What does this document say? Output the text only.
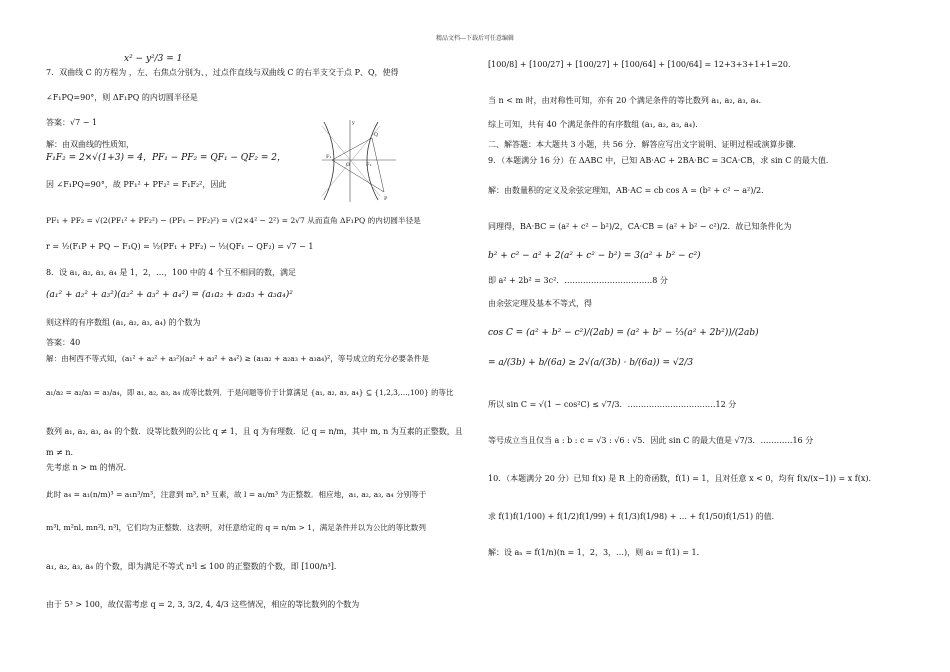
精品文档---下载后可任意编辑
x² − y²/3 = 1
7．双曲线 C 的方程为 ，左、右焦点分别为、，过点作直线与双曲线 C 的右半支交于点 P、Q，使得
∠F₁PQ=90°，则 ΔF₁PQ 的内切圆半径是
答案：√7 − 1
解：由双曲线的性质知，
F₁F₂ = 2×√(1+3) = 4，PF₁ − PF₂ = QF₁ − QF₂ = 2，
因 ∠F₁PQ=90°，故 PF₁² + PF₂² = F₁F₂²，因此
PF₁ + PF₂ = √(2(PF₁² + PF₂²) − (PF₁ − PF₂)²) = √(2×4² − 2²) = 2√7 从而直角 ΔF₁PQ 的内切圆半径是
r = ½(F₁P + PQ − F₁Q) = ½(PF₁ + PF₂) − ½(QF₁ − QF₂) = √7 − 1
8．设 a₁, a₂, a₃, a₄ 是 1，2，…，100 中的 4 个互不相同的数，满足
(a₁² + a₂² + a₃²)(a₂² + a₃² + a₄²) = (a₁a₂ + a₂a₃ + a₃a₄)²
则这样的有序数组 (a₁, a₂, a₃, a₄) 的个数为
答案：40
解：由柯西不等式知，(a₁² + a₂² + a₃²)(a₂² + a₃² + a₄²) ≥ (a₁a₂ + a₂a₃ + a₃a₄)²，等号成立的充分必要条件是
a₁/a₂ = a₂/a₃ = a₃/a₄，即 a₁, a₂, a₃, a₄ 成等比数列．于是问题等价于计算满足 {a₁, a₂, a₃, a₄} ⊆ {1,2,3,…,100} 的等比
数列 a₁, a₂, a₃, a₄ 的个数．设等比数列的公比 q ≠ 1，且 q 为有理数．记 q = n/m，其中 m, n 为互素的正整数，且
m ≠ n.
先考虑 n > m 的情况.
此时 a₄ = a₁(n/m)³ = a₁n³/m³，注意到 m³, n³ 互素，故 l = a₁/m³ 为正整数．相应地，a₁, a₂, a₃, a₄ 分别等于
m³l, m²nl, mn²l, n³l，它们均为正整数．这表明，对任意给定的 q = n/m > 1，满足条件并以为公比的等比数列
a₁, a₂, a₃, a₄ 的个数，即为满足不等式 n³l ≤ 100 的正整数的个数，即 [100/n³]．
由于 5³ > 100，故仅需考虑 q = 2, 3, 3/2, 4, 4/3 这些情况，相应的等比数列的个数为
y
F₁
O	F₂
Q
P
[100/8] + [100/27] + [100/27] + [100/64] + [100/64] = 12+3+3+1+1=20．
当 n < m 时，由对称性可知，亦有 20 个满足条件的等比数列 a₁, a₂, a₃, a₄．
综上可知，共有 40 个满足条件的有序数组 (a₁, a₂, a₃, a₄)．
二、解答题：本大题共 3 小题，共 56 分．解答应写出文字说明、证明过程或演算步骤．
9．（本题满分 16 分）在 ΔABC 中，已知 AB·AC + 2BA·BC = 3CA·CB，求 sin C 的最大值．
解：由数量积的定义及余弦定理知，AB·AC = cb cos A = (b² + c² − a²)/2．
同理得，BA·BC = (a² + c² − b²)/2，CA·CB = (a² + b² − c²)/2．故已知条件化为
b² + c² − a² + 2(a² + c² − b²) = 3(a² + b² − c²)
即 a² + 2b² = 3c²．……………………………8 分
由余弦定理及基本不等式，得
cos C = (a² + b² − c²)/(2ab) = (a² + b² − ⅓(a² + 2b²))/(2ab)
= a/(3b) + b/(6a) ≥ 2√(a/(3b) · b/(6a)) = √2/3
所以 sin C = √(1 − cos²C) ≤ √7/3．……………………………12 分
等号成立当且仅当 a : b : c = √3 : √6 : √5．因此 sin C 的最大值是 √7/3．…………16 分
10．（本题满分 20 分）已知 f(x) 是 R 上的奇函数，f(1) = 1，且对任意 x < 0，均有 f(x/(x−1)) = x f(x)．
求 f(1)f(1/100) + f(1/2)f(1/99) + f(1/3)f(1/98) + … + f(1/50)f(1/51) 的值．
解：设 aₙ = f(1/n)(n = 1，2，3，…)，则 a₁ = f(1) = 1．
